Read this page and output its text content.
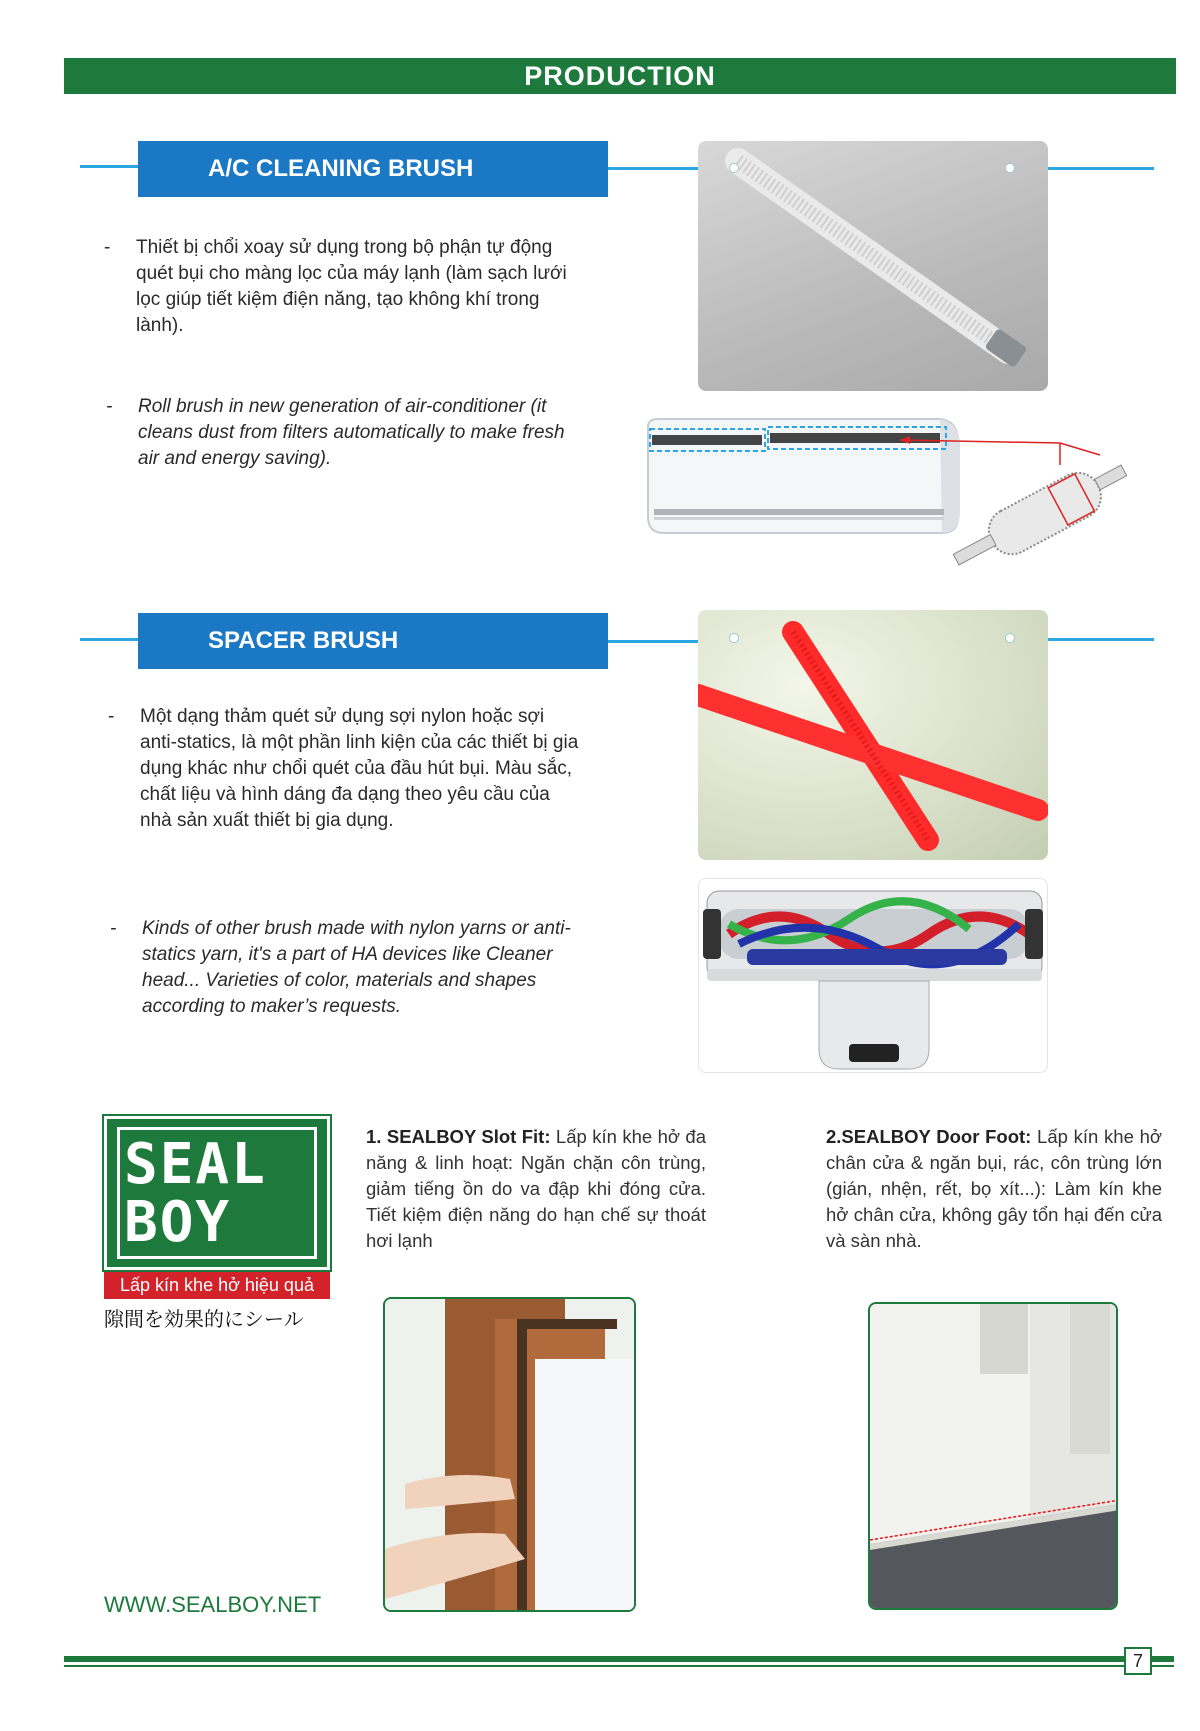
PRODUCTION
A/C CLEANING BRUSH
- Thiết bị chổi xoay sử dụng trong bộ phận tự động quét bụi cho màng lọc của máy lạnh (làm sạch lưới lọc giúp tiết kiệm điện năng, tạo không khí trong lành).
- Roll brush in new generation of air-conditioner (it cleans dust from filters automatically to make fresh air and energy saving).
SPACER BRUSH
- Một dạng thảm quét sử dụng sợi nylon hoặc sợi anti-statics, là một phần linh kiện của các thiết bị gia dụng khác như chổi quét của đầu hút bụi. Màu sắc, chất liệu và hình dáng đa dạng theo yêu cầu của nhà sản xuất thiết bị gia dụng.
- Kinds of other brush made with nylon yarns or anti-statics yarn, it's a part of HA devices like Cleaner head... Varieties of color, materials and shapes according to maker’s requests.
SEAL BOY
Lấp kín khe hở hiệu quả
隙間を効果的にシール
1. SEALBOY Slot Fit: Lấp kín khe hở đa năng & linh hoạt: Ngăn chặn côn trùng, giảm tiếng ồn do va đập khi đóng cửa. Tiết kiệm điện năng do hạn chế sự thoát hơi lạnh
2.SEALBOY Door Foot: Lấp kín khe hở chân cửa & ngăn bụi, rác, côn trùng lớn (gián, nhện, rết, bọ xít...): Làm kín khe hở chân cửa, không gây tổn hại đến cửa và sàn nhà.
WWW.SEALBOY.NET
7
